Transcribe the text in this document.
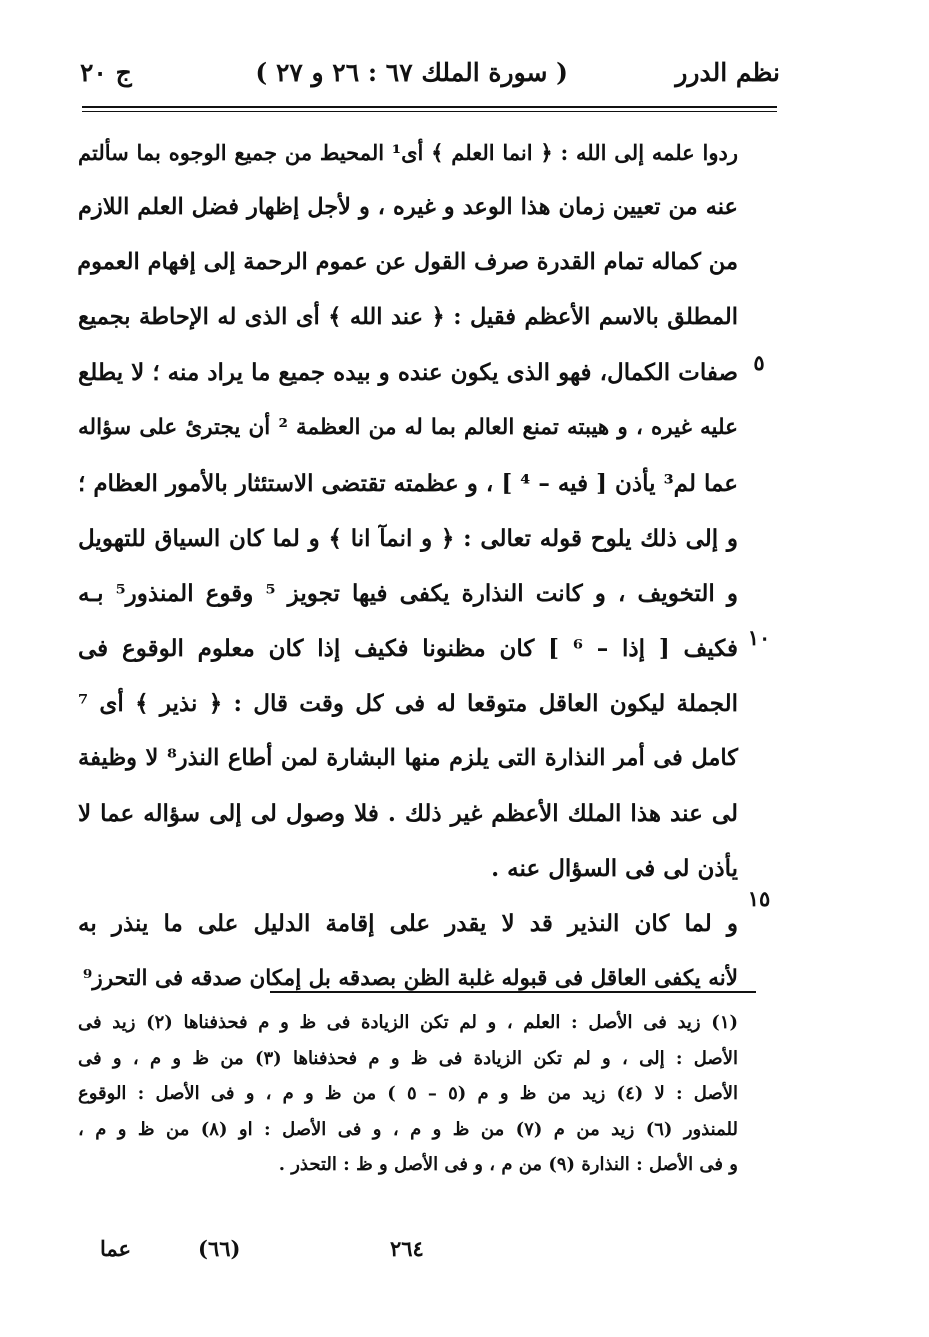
نظم الدرر
( سورة الملك ٦٧ : ٢٦ و ٢٧ )
ج ٢٠
ردوا علمه إلى الله : ﴿ انما العلم ﴾ أى¹ المحيط من جميع الوجوه بما سألتم
عنه من تعيين زمان هذا الوعد و غيره ، و لأجل إظهار فضل العلم اللازم
من كماله تمام القدرة صرف القول عن عموم الرحمة إلى إفهام العموم
المطلق بالاسم الأعظم فقيل : ﴿ عند الله ﴾ أى الذى له الإحاطة بجميع
صفات الكمال، فهو الذى يكون عنده و بيده جميع ما يراد منه ؛ لا يطلع
عليه غيره ، و هيبته تمنع العالم بما له من العظمة ² أن يجترئ على سؤاله
عما لم³ يأذن [ فيه – ⁴ ] ، و عظمته تقتضى الاستئثار بالأمور العظام ؛
و إلى ذلك يلوح قوله تعالى : ﴿ و انمآ انا ﴾ و لما كان السياق للتهويل
و التخويف ، و كانت النذارة يكفى فيها تجويز ⁵ وقوع المنذور⁵ بـه
فكيف [ إذا – ⁶ ] كان مظنونا فكيف إذا كان معلوم الوقوع فى
الجملة ليكون العاقل متوقعا له فى كل وقت قال : ﴿ نذير ﴾ أى ⁷
كامل فى أمر النذارة التى يلزم منها البشارة لمن أطاع النذر⁸ لا وظيفة
لى عند هذا الملك الأعظم غير ذلك . فلا وصول لى إلى سؤاله عما لا
يأذن لى فى السؤال عنه .
و لما كان النذير قد لا يقدر على إقامة الدليل على ما ينذر به
لأنه يكفى العاقل فى قبوله غلبة الظن بصدقه بل إمكان صدقه فى التحرز⁹
٥
١٠
١٥
(١) زيد فى الأصل : العلم ، و لم تكن الزيادة فى ظ و م فحذفناها (٢) زيد فى
الأصل : إلى ، و لم تكن الزيادة فى ظ و م فحذفناها (٣) من ظ و م ، و فى
الأصل : لا (٤) زيد من ظ و م (٥ – ٥ ) من ظ و م ، و فى الأصل : الوقوع
للمنذور (٦) زيد من م (٧) من ظ و م ، و فى الأصل : او (٨) من ظ و م ،
و فى الأصل : النذارة (٩) من م ، و فى الأصل و ظ : التحذر .
عما	(٦٦)	٢٦٤
